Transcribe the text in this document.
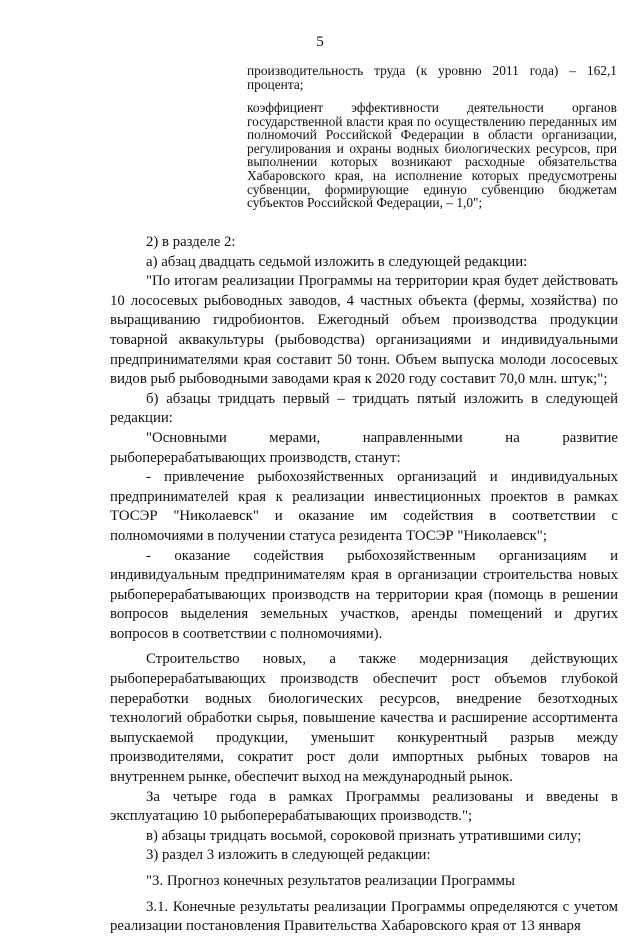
5
производительность труда (к уровню 2011 года) – 162,1 процента;
коэффициент эффективности деятельности органов государственной власти края по осуществлению переданных им полномочий Российской Федерации в области организации, регулирования и охраны водных биологических ресурсов, при выполнении которых возникают расходные обязательства Хабаровского края, на исполнение которых предусмотрены субвенции, формирующие единую субвенцию бюджетам субъектов Российской Федерации, – 1,0";

2) в разделе 2:

а) абзац двадцать седьмой изложить в следующей редакции:

"По итогам реализации Программы на территории края будет действовать 10 лососевых рыбоводных заводов, 4 частных объекта (фермы, хозяйства) по выращиванию гидробионтов. Ежегодный объем производства продукции товарной аквакультуры (рыбоводства) организациями и индивидуальными предпринимателями края составит 50 тонн. Объем выпуска молоди лососевых видов рыб рыбоводными заводами края к 2020 году составит 70,0 млн. штук;";

б) абзацы тридцать первый – тридцать пятый изложить в следующей редакции:

"Основными мерами, направленными на развитие рыбоперерабатывающих производств, станут:

- привлечение рыбохозяйственных организаций и индивидуальных предпринимателей края к реализации инвестиционных проектов в рамках ТОСЭР "Николаевск" и оказание им содействия в соответствии с полномочиями в получении статуса резидента ТОСЭР "Николаевск";

- оказание содействия рыбохозяйственным организациям и индивидуальным предпринимателям края в организации строительства новых рыбоперерабатывающих производств на территории края (помощь в решении вопросов выделения земельных участков, аренды помещений и других вопросов в соответствии с полномочиями).

Строительство новых, а также модернизация действующих рыбоперерабатывающих производств обеспечит рост объемов глубокой переработки водных биологических ресурсов, внедрение безотходных технологий обработки сырья, повышение качества и расширение ассортимента выпускаемой продукции, уменьшит конкурентный разрыв между производителями, сократит рост доли импортных рыбных товаров на внутреннем рынке, обеспечит выход на международный рынок.

За четыре года в рамках Программы реализованы и введены в эксплуатацию 10 рыбоперерабатывающих производств.";

в) абзацы тридцать восьмой, сороковой признать утратившими силу;

3) раздел 3 изложить в следующей редакции:

"3. Прогноз конечных результатов реализации Программы

3.1. Конечные результаты реализации Программы определяются с учетом реализации постановления Правительства Хабаровского края от 13 января
